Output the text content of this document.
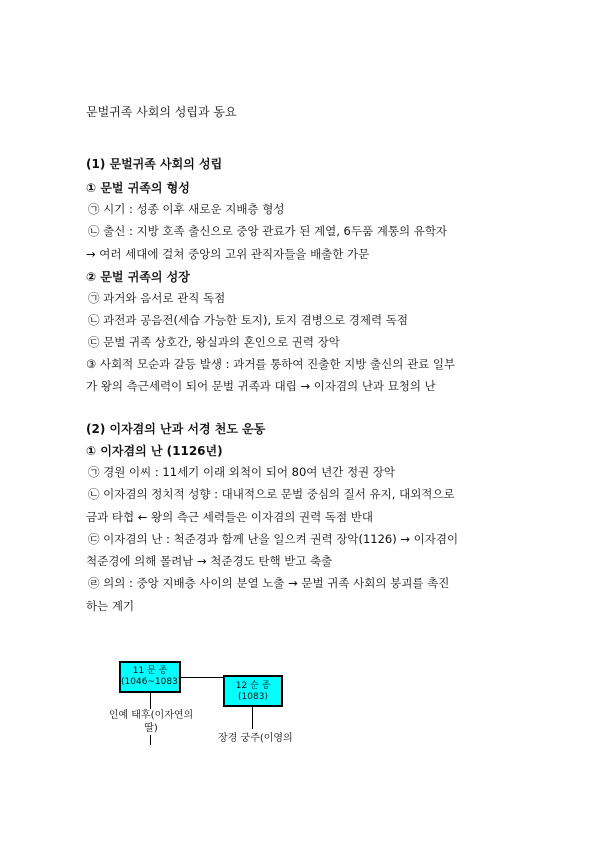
문벌귀족 사회의 성립과 동요
(1) 문벌귀족 사회의 성립
① 문벌 귀족의 형성
㉠ 시기 : 성종 이후 새로운 지배층 형성
㉡ 출신 : 지방 호족 출신으로 중앙 관료가 된 계열, 6두품 계통의 유학자
→ 여러 세대에 걸쳐 중앙의 고위 관직자들을 배출한 가문
② 문벌 귀족의 성장
㉠ 과거와 음서로 관직 독점
㉡ 과전과 공음전(세습 가능한 토지), 토지 겸병으로 경제력 독점
㉢ 문벌 귀족 상호간, 왕실과의 혼인으로 권력 장악
③ 사회적 모순과 갈등 발생 : 과거를 통하여 진출한 지방 출신의 관료 일부
가 왕의 측근세력이 되어 문벌 귀족과 대립 → 이자겸의 난과 묘청의 난
(2) 이자겸의 난과 서경 천도 운동
① 이자겸의 난 (1126년)
㉠ 경원 이씨 : 11세기 이래 외척이 되어 80여 년간 정권 장악
㉡ 이자겸의 정치적 성향 : 대내적으로 문벌 중심의 질서 유지, 대외적으로
금과 타협 ← 왕의 측근 세력들은 이자겸의 권력 독점 반대
㉢ 이자겸의 난 : 척준경과 함께 난을 일으켜 권력 장악(1126) → 이자겸이
척준경에 의해 몰려남 → 척준경도 탄핵 받고 축출
㉣ 의의 : 중앙 지배층 사이의 분열 노출 → 문벌 귀족 사회의 붕괴를 촉진
하는 계기
11 문 종
(1046~1083)	12 순 종
(1083)
인예 태후(이자연의
딸)
장경 궁주(이영의
